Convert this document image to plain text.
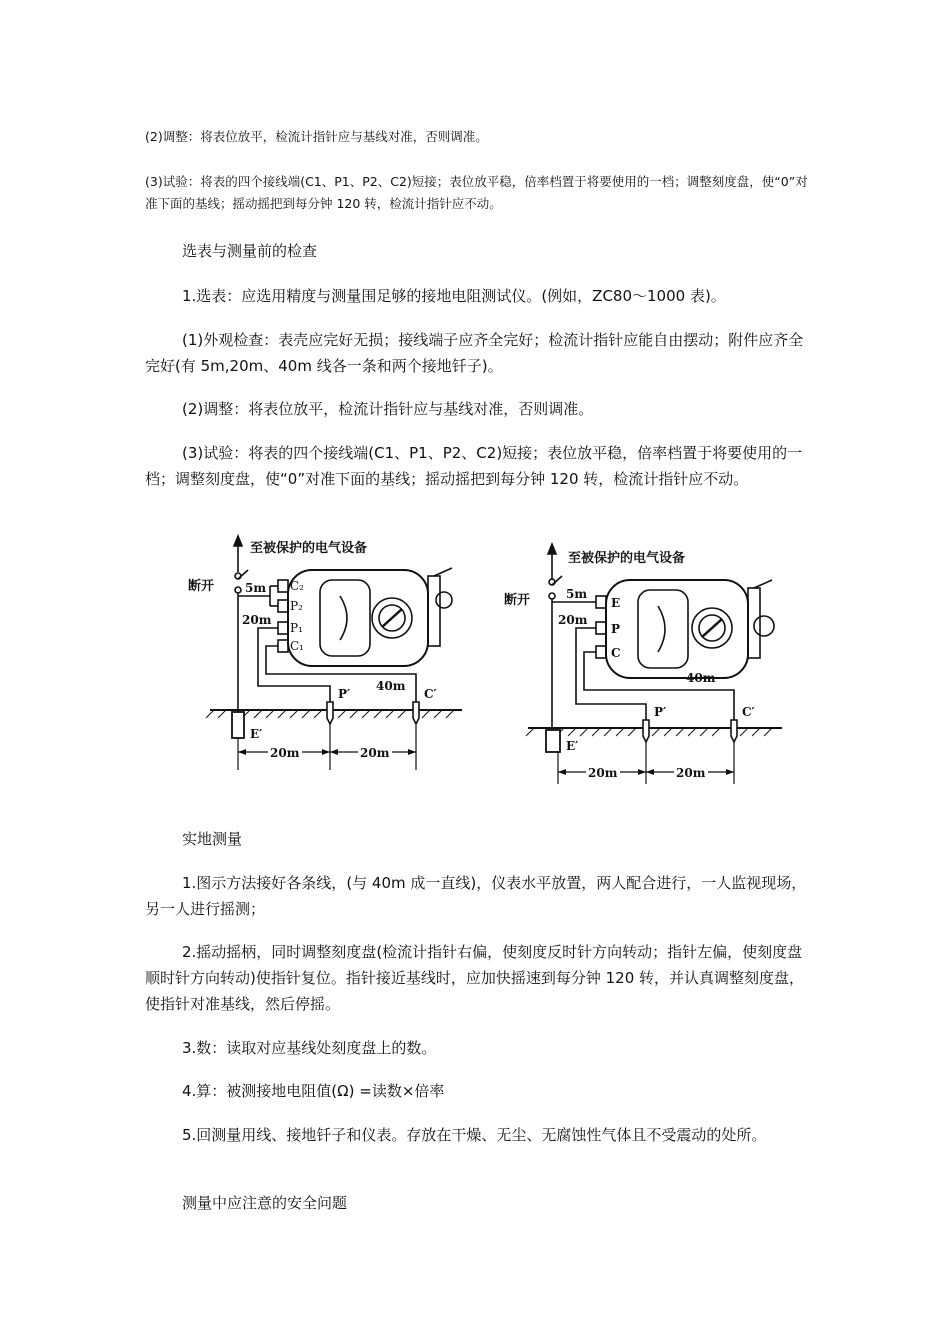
(2)调整：将表位放平，检流计指针应与基线对准，否则调准。

(3)试验：将表的四个接线端(C1、P1、P2、C2)短接；表位放平稳，倍率档置于将要使用的一档；调整刻度盘，使“0”对准下面的基线；摇动摇把到每分钟 120 转，检流计指针应不动。

选表与测量前的检查

1.选表：应选用精度与测量围足够的接地电阻测试仪。(例如，ZC80～1000 表)。

(1)外观检查：表壳应完好无损；接线端子应齐全完好；检流计指针应能自由摆动；附件应齐全完好(有 5m,20m、40m 线各一条和两个接地钎子)。

(2)调整：将表位放平，检流计指针应与基线对准，否则调准。

(3)试验：将表的四个接线端(C1、P1、P2、C2)短接；表位放平稳，倍率档置于将要使用的一档；调整刻度盘，使“0”对准下面的基线；摇动摇把到每分钟 120 转，检流计指针应不动。

至被保护的电气设备
断开	C₂
P₂
P₁
C₁
5m
20m
40m
P′	C′
E′
20m	20m
至被保护的电气设备
断开	E
P
C
5m
20m
40m
P′	C′
E′
20m	20m

实地测量

1.图示方法接好各条线，(与 40m 成一直线)，仪表水平放置，两人配合进行，一人监视现场，另一人进行摇测；

2.摇动摇柄，同时调整刻度盘(检流计指针右偏，使刻度反时针方向转动；指针左偏，使刻度盘顺时针方向转动)使指针复位。指针接近基线时，应加快摇速到每分钟 120 转，并认真调整刻度盘，使指针对准基线，然后停摇。

3.数：读取对应基线处刻度盘上的数。

4.算：被测接地电阻值(Ω) =读数×倍率

5.回测量用线、接地钎子和仪表。存放在干燥、无尘、无腐蚀性气体且不受震动的处所。

测量中应注意的安全问题
